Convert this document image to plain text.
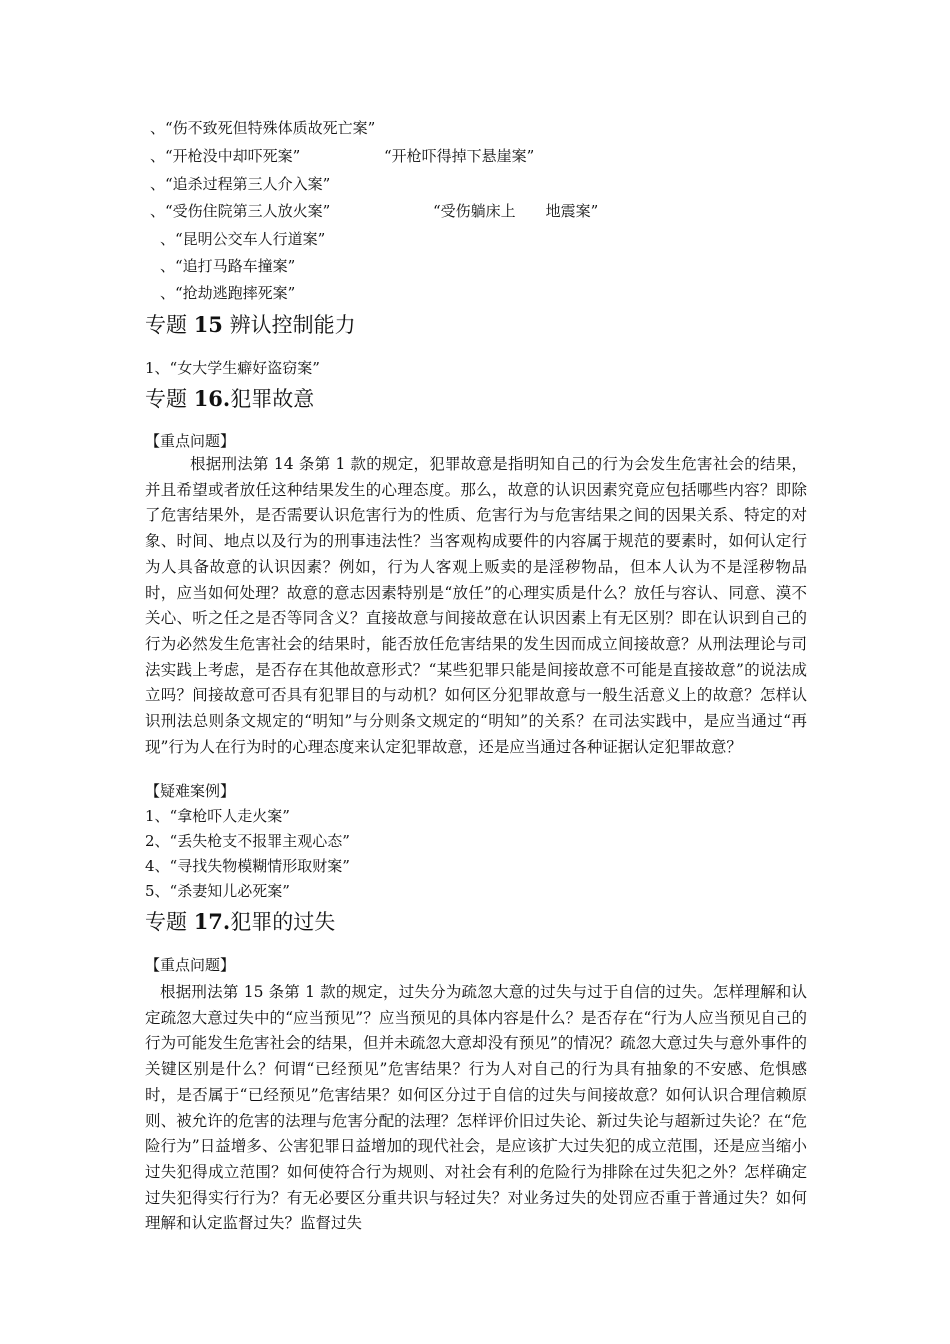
、“伤不致死但特殊体质故死亡案”
、“开枪没中却吓死案”	“开枪吓得掉下悬崖案”
、“追杀过程第三人介入案”
、“受伤住院第三人放火案”	“受伤躺床上　　地震案”
、“昆明公交车人行道案”
、“追打马路车撞案”
、“抢劫逃跑摔死案”
专题 15 辨认控制能力
1、“女大学生癖好盗窃案”
专题 16.犯罪故意
【重点问题】
根据刑法第 14 条第 1 款的规定，犯罪故意是指明知自己的行为会发生危害社会的结果，并且希望或者放任这种结果发生的心理态度。那么，故意的认识因素究竟应包括哪些内容？即除了危害结果外，是否需要认识危害行为的性质、危害行为与危害结果之间的因果关系、特定的对象、时间、地点以及行为的刑事违法性？当客观构成要件的内容属于规范的要素时，如何认定行为人具备故意的认识因素？例如，行为人客观上贩卖的是淫秽物品，但本人认为不是淫秽物品时，应当如何处理？故意的意志因素特别是“放任”的心理实质是什么？放任与容认、同意、漠不关心、听之任之是否等同含义？直接故意与间接故意在认识因素上有无区别？即在认识到自己的行为必然发生危害社会的结果时，能否放任危害结果的发生因而成立间接故意？从刑法理论与司法实践上考虑，是否存在其他故意形式？“某些犯罪只能是间接故意不可能是直接故意”的说法成立吗？间接故意可否具有犯罪目的与动机？如何区分犯罪故意与一般生活意义上的故意？怎样认识刑法总则条文规定的“明知”与分则条文规定的“明知”的关系？在司法实践中，是应当通过“再现”行为人在行为时的心理态度来认定犯罪故意，还是应当通过各种证据认定犯罪故意？
【疑难案例】
1、“拿枪吓人走火案”
2、“丢失枪支不报罪主观心态”
4、“寻找失物模糊情形取财案”
5、“杀妻知儿必死案”
专题 17.犯罪的过失
【重点问题】
根据刑法第 15 条第 1 款的规定，过失分为疏忽大意的过失与过于自信的过失。怎样理解和认定疏忽大意过失中的“应当预见”？应当预见的具体内容是什么？是否存在“行为人应当预见自己的行为可能发生危害社会的结果，但并未疏忽大意却没有预见”的情况？疏忽大意过失与意外事件的关键区别是什么？何谓“已经预见”危害结果？行为人对自己的行为具有抽象的不安感、危惧感时，是否属于“已经预见”危害结果？如何区分过于自信的过失与间接故意？如何认识合理信赖原则、被允许的危害的法理与危害分配的法理？怎样评价旧过失论、新过失论与超新过失论？在“危险行为”日益增多、公害犯罪日益增加的现代社会，是应该扩大过失犯的成立范围，还是应当缩小过失犯得成立范围？如何使符合行为规则、对社会有利的危险行为排除在过失犯之外？怎样确定过失犯得实行行为？有无必要区分重共识与轻过失？对业务过失的处罚应否重于普通过失？如何理解和认定监督过失？监督过失
